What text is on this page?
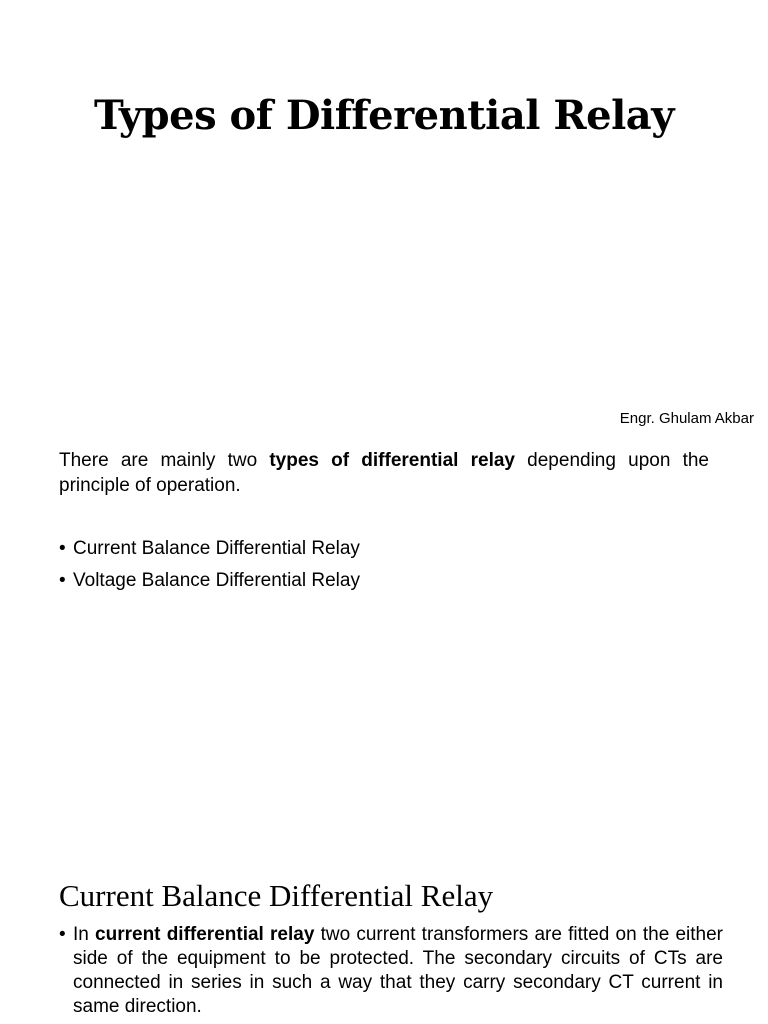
Types of Differential Relay
Engr. Ghulam Akbar

There are mainly two types of differential relay depending upon the principle of operation.

• Current Balance Differential Relay
• Voltage Balance Differential Relay
Current Balance Differential Relay

• In current differential relay two current transformers are fitted on the either side of the equipment to be protected. The secondary circuits of CTs are connected in series in such a way that they carry secondary CT current in same direction.
